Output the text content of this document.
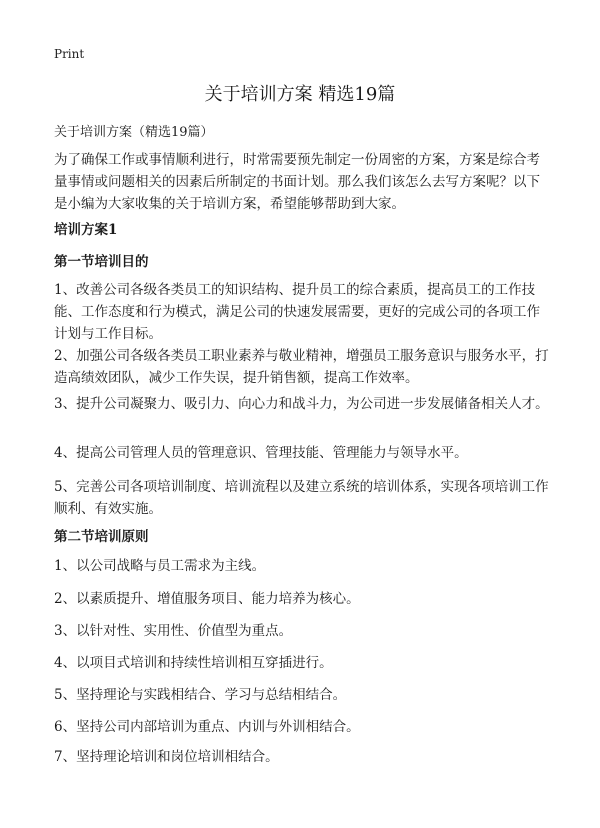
Print
关于培训方案 精选19篇

关于培训方案（精选19篇）

为了确保工作或事情顺利进行，时常需要预先制定一份周密的方案，方案是综合考量事情或问题相关的因素后所制定的书面计划。那么我们该怎么去写方案呢？以下是小编为大家收集的关于培训方案，希望能够帮助到大家。

培训方案1

第一节培训目的

1、改善公司各级各类员工的知识结构、提升员工的综合素质，提高员工的工作技能、工作态度和行为模式，满足公司的快速发展需要，更好的完成公司的各项工作计划与工作目标。

2、加强公司各级各类员工职业素养与敬业精神，增强员工服务意识与服务水平，打造高绩效团队，减少工作失误，提升销售额，提高工作效率。

3、提升公司凝聚力、吸引力、向心力和战斗力，为公司进一步发展储备相关人才。

4、提高公司管理人员的管理意识、管理技能、管理能力与领导水平。

5、完善公司各项培训制度、培训流程以及建立系统的培训体系，实现各项培训工作顺利、有效实施。

第二节培训原则

1、以公司战略与员工需求为主线。

2、以素质提升、增值服务项目、能力培养为核心。

3、以针对性、实用性、价值型为重点。

4、以项目式培训和持续性培训相互穿插进行。

5、坚持理论与实践相结合、学习与总结相结合。

6、坚持公司内部培训为重点、内训与外训相结合。

7、坚持理论培训和岗位培训相结合。
